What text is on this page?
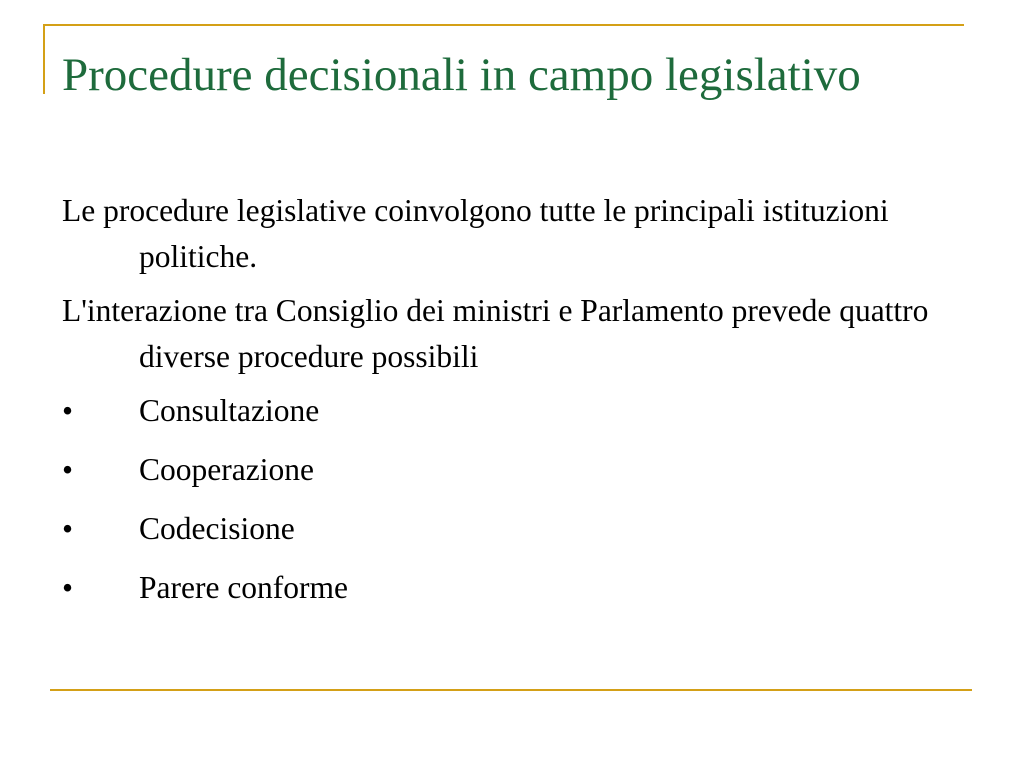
Procedure decisionali in campo legislativo

Le procedure legislative coinvolgono tutte le principali istituzioni politiche.

L'interazione tra Consiglio dei ministri e Parlamento prevede quattro diverse procedure possibili

•	Consultazione
•	Cooperazione
•	Codecisione
•	Parere conforme
